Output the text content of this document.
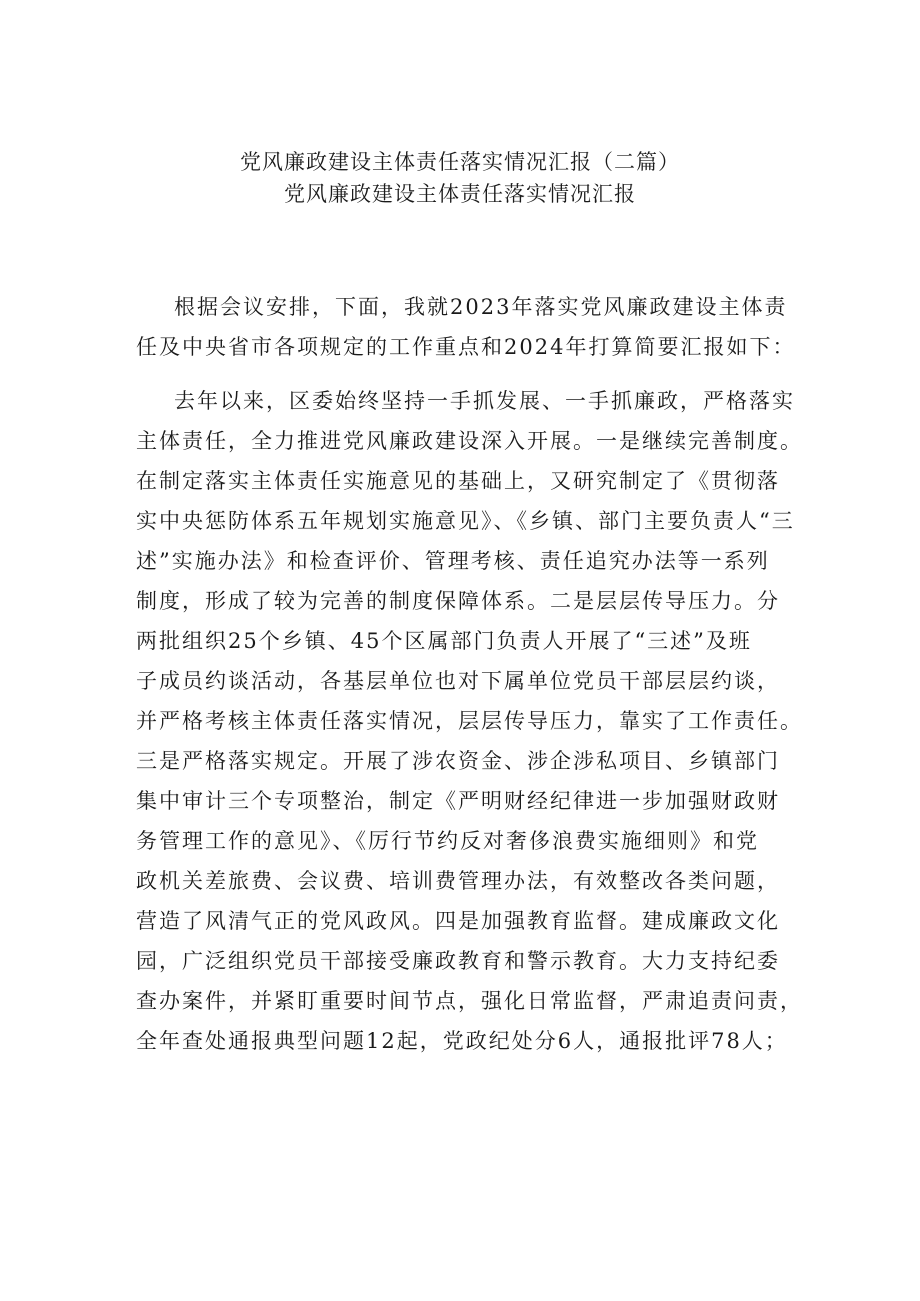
党风廉政建设主体责任落实情况汇报（二篇）
党风廉政建设主体责任落实情况汇报
根据会议安排，下面，我就2023年落实党风廉政建设主体责
任及中央省市各项规定的工作重点和2024年打算简要汇报如下：
去年以来，区委始终坚持一手抓发展、一手抓廉政，严格落实
主体责任，全力推进党风廉政建设深入开展。一是继续完善制度。
在制定落实主体责任实施意见的基础上，又研究制定了《贯彻落
实中央惩防体系五年规划实施意见》、《乡镇、部门主要负责人“三
述”实施办法》和检查评价、管理考核、责任追究办法等一系列
制度，形成了较为完善的制度保障体系。二是层层传导压力。分
两批组织25个乡镇、45个区属部门负责人开展了“三述”及班
子成员约谈活动，各基层单位也对下属单位党员干部层层约谈，
并严格考核主体责任落实情况，层层传导压力，靠实了工作责任。
三是严格落实规定。开展了涉农资金、涉企涉私项目、乡镇部门
集中审计三个专项整治，制定《严明财经纪律进一步加强财政财
务管理工作的意见》、《厉行节约反对奢侈浪费实施细则》和党
政机关差旅费、会议费、培训费管理办法，有效整改各类问题，
营造了风清气正的党风政风。四是加强教育监督。建成廉政文化
园，广泛组织党员干部接受廉政教育和警示教育。大力支持纪委
查办案件，并紧盯重要时间节点，强化日常监督，严肃追责问责，
全年查处通报典型问题12起，党政纪处分6人，通报批评78人；
